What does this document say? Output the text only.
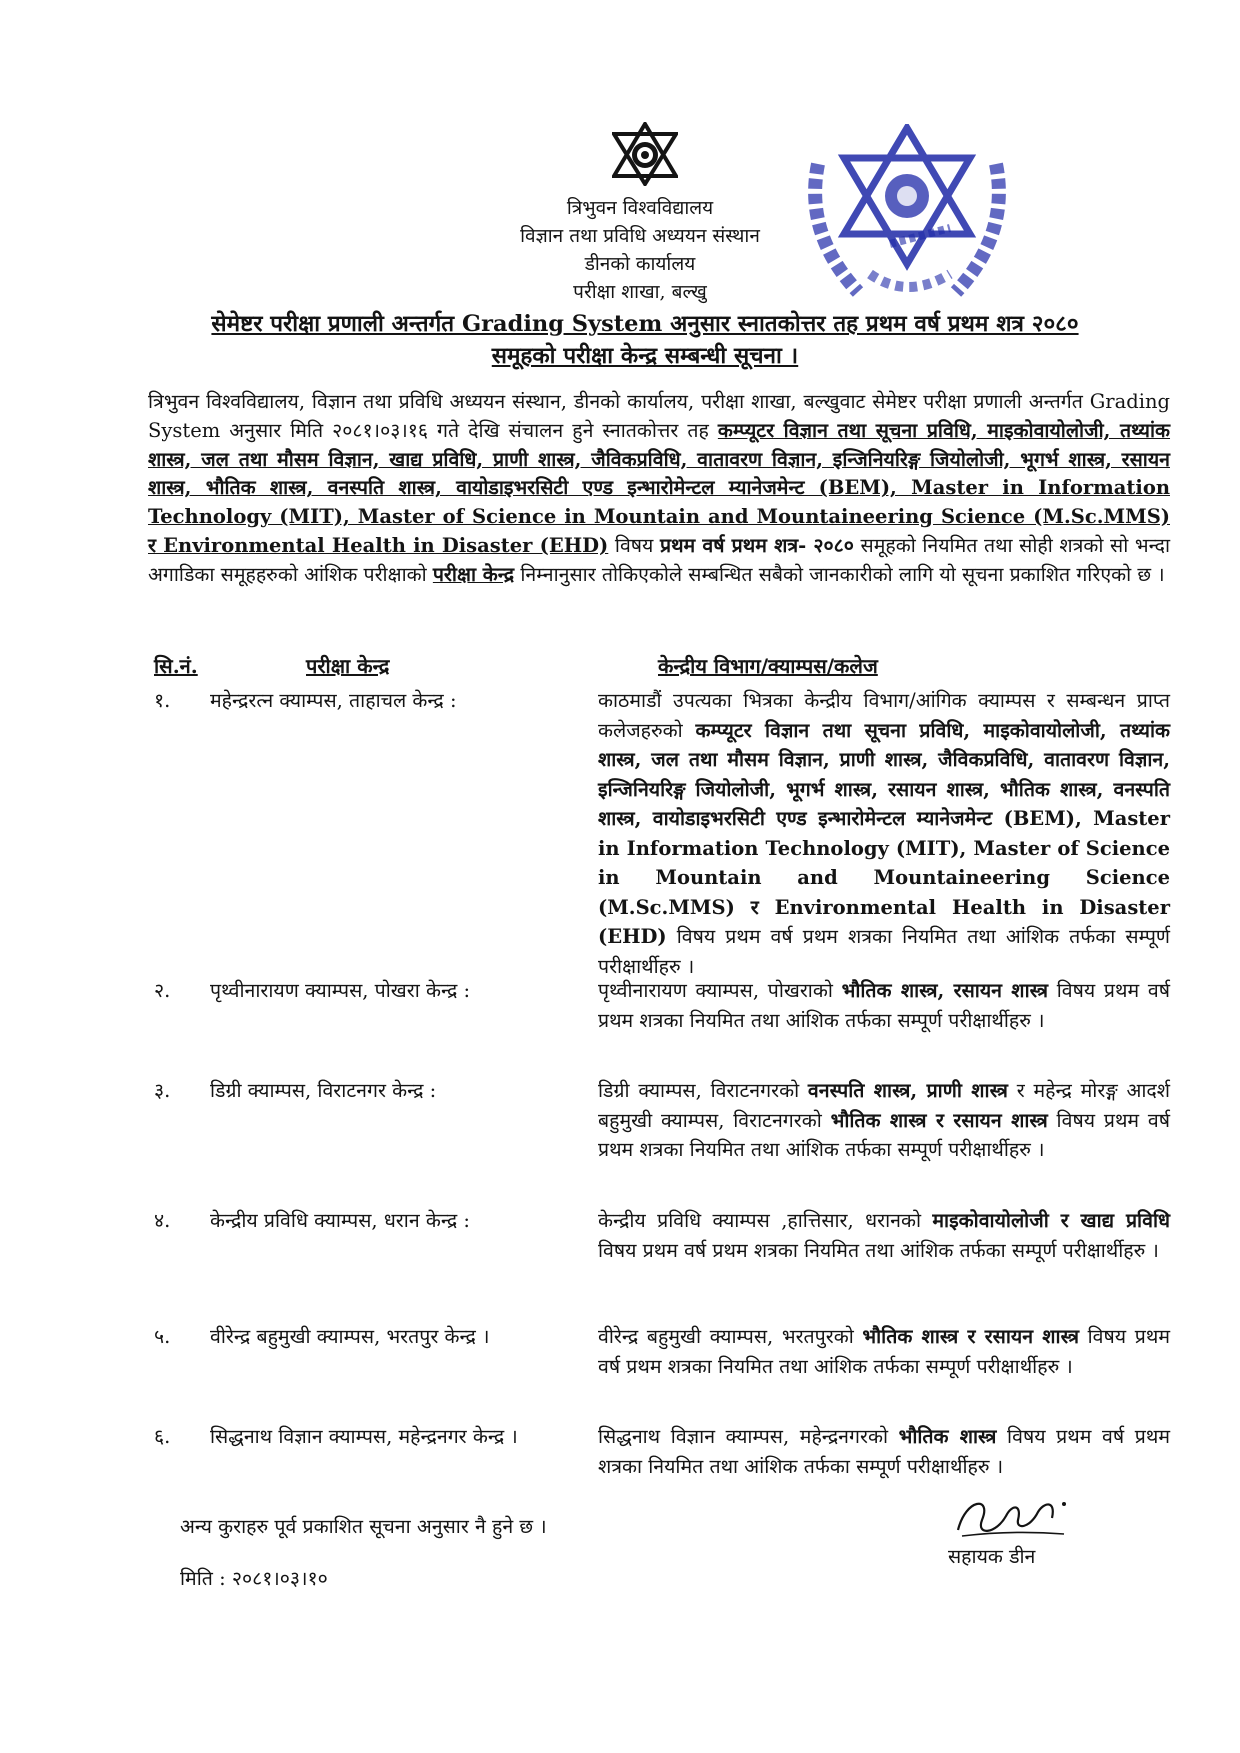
त्रिभुवन विश्वविद्यालय
विज्ञान तथा प्रविधि अध्ययन संस्थान
डीनको कार्यालय
परीक्षा शाखा, बल्खु
सेमेष्टर परीक्षा प्रणाली अन्तर्गत Grading System अनुसार स्नातकोत्तर तह प्रथम वर्ष प्रथम शत्र २०८०
समूहको परीक्षा केन्द्र सम्बन्धी सूचना ।
त्रिभुवन विश्वविद्यालय, विज्ञान तथा प्रविधि अध्ययन संस्थान, डीनको कार्यालय, परीक्षा शाखा, बल्खुवाट सेमेष्टर परीक्षा प्रणाली अन्तर्गत Grading System अनुसार मिति २०८१।०३।१६ गते देखि संचालन हुने स्नातकोत्तर तह कम्प्यूटर विज्ञान तथा सूचना प्रविधि, माइकोवायोलोजी, तथ्यांक शास्त्र, जल तथा मौसम विज्ञान, खाद्य प्रविधि, प्राणी शास्त्र, जैविकप्रविधि, वातावरण विज्ञान, इन्जिनियरिङ्ग जियोलोजी, भूगर्भ शास्त्र, रसायन शास्त्र, भौतिक शास्त्र, वनस्पति शास्त्र, वायोडाइभरसिटी एण्ड इन्भारोमेन्टल म्यानेजमेन्ट (BEM), Master in Information Technology (MIT), Master of Science in Mountain and Mountaineering Science (M.Sc.MMS) र Environmental Health in Disaster (EHD) विषय प्रथम वर्ष प्रथम शत्र- २०८० समूहको नियमित तथा सोही शत्रको सो भन्दा अगाडिका समूहहरुको आंशिक परीक्षाको परीक्षा केन्द्र निम्नानुसार तोकिएकोले सम्बन्धित सबैको जानकारीको लागि यो सूचना प्रकाशित गरिएको छ ।
सि.नं.	परीक्षा केन्द्र	केन्द्रीय विभाग/क्याम्पस/कलेज
१. महेन्द्ररत्न क्याम्पस, ताहाचल केन्द्र :	काठमाडौं उपत्यका भित्रका केन्द्रीय विभाग/आंगिक क्याम्पस र सम्बन्धन प्राप्त कलेजहरुको कम्प्यूटर विज्ञान तथा सूचना प्रविधि, माइकोवायोलोजी, तथ्यांक शास्त्र, जल तथा मौसम विज्ञान, प्राणी शास्त्र, जैविकप्रविधि, वातावरण विज्ञान, इन्जिनियरिङ्ग जियोलोजी, भूगर्भ शास्त्र, रसायन शास्त्र, भौतिक शास्त्र, वनस्पति शास्त्र, वायोडाइभरसिटी एण्ड इन्भारोमेन्टल म्यानेजमेन्ट (BEM), Master in Information Technology (MIT), Master of Science in Mountain and Mountaineering Science (M.Sc.MMS) र Environmental Health in Disaster (EHD) विषय प्रथम वर्ष प्रथम शत्रका नियमित तथा आंशिक तर्फका सम्पूर्ण परीक्षार्थीहरु ।
२. पृथ्वीनारायण क्याम्पस, पोखरा केन्द्र :	पृथ्वीनारायण क्याम्पस, पोखराको भौतिक शास्त्र, रसायन शास्त्र विषय प्रथम वर्ष प्रथम शत्रका नियमित तथा आंशिक तर्फका सम्पूर्ण परीक्षार्थीहरु ।
३. डिग्री क्याम्पस, विराटनगर केन्द्र :	डिग्री क्याम्पस, विराटनगरको वनस्पति शास्त्र, प्राणी शास्त्र र महेन्द्र मोरङ्ग आदर्श बहुमुखी क्याम्पस, विराटनगरको भौतिक शास्त्र र रसायन शास्त्र विषय प्रथम वर्ष प्रथम शत्रका नियमित तथा आंशिक तर्फका सम्पूर्ण परीक्षार्थीहरु ।
४. केन्द्रीय प्रविधि क्याम्पस, धरान केन्द्र :	केन्द्रीय प्रविधि क्याम्पस ,हात्तिसार, धरानको माइकोवायोलोजी र खाद्य प्रविधि विषय प्रथम वर्ष प्रथम शत्रका नियमित तथा आंशिक तर्फका सम्पूर्ण परीक्षार्थीहरु ।
५. वीरेन्द्र बहुमुखी क्याम्पस, भरतपुर केन्द्र ।	वीरेन्द्र बहुमुखी क्याम्पस, भरतपुरको भौतिक शास्त्र र रसायन शास्त्र विषय प्रथम वर्ष प्रथम शत्रका नियमित तथा आंशिक तर्फका सम्पूर्ण परीक्षार्थीहरु ।
६. सिद्धनाथ विज्ञान क्याम्पस, महेन्द्रनगर केन्द्र ।	सिद्धनाथ विज्ञान क्याम्पस, महेन्द्रनगरको भौतिक शास्त्र विषय प्रथम वर्ष प्रथम शत्रका नियमित तथा आंशिक तर्फका सम्पूर्ण परीक्षार्थीहरु ।
अन्य कुराहरु पूर्व प्रकाशित सूचना अनुसार नै हुने छ ।
मिति : २०८१।०३।१०
सहायक डीन
